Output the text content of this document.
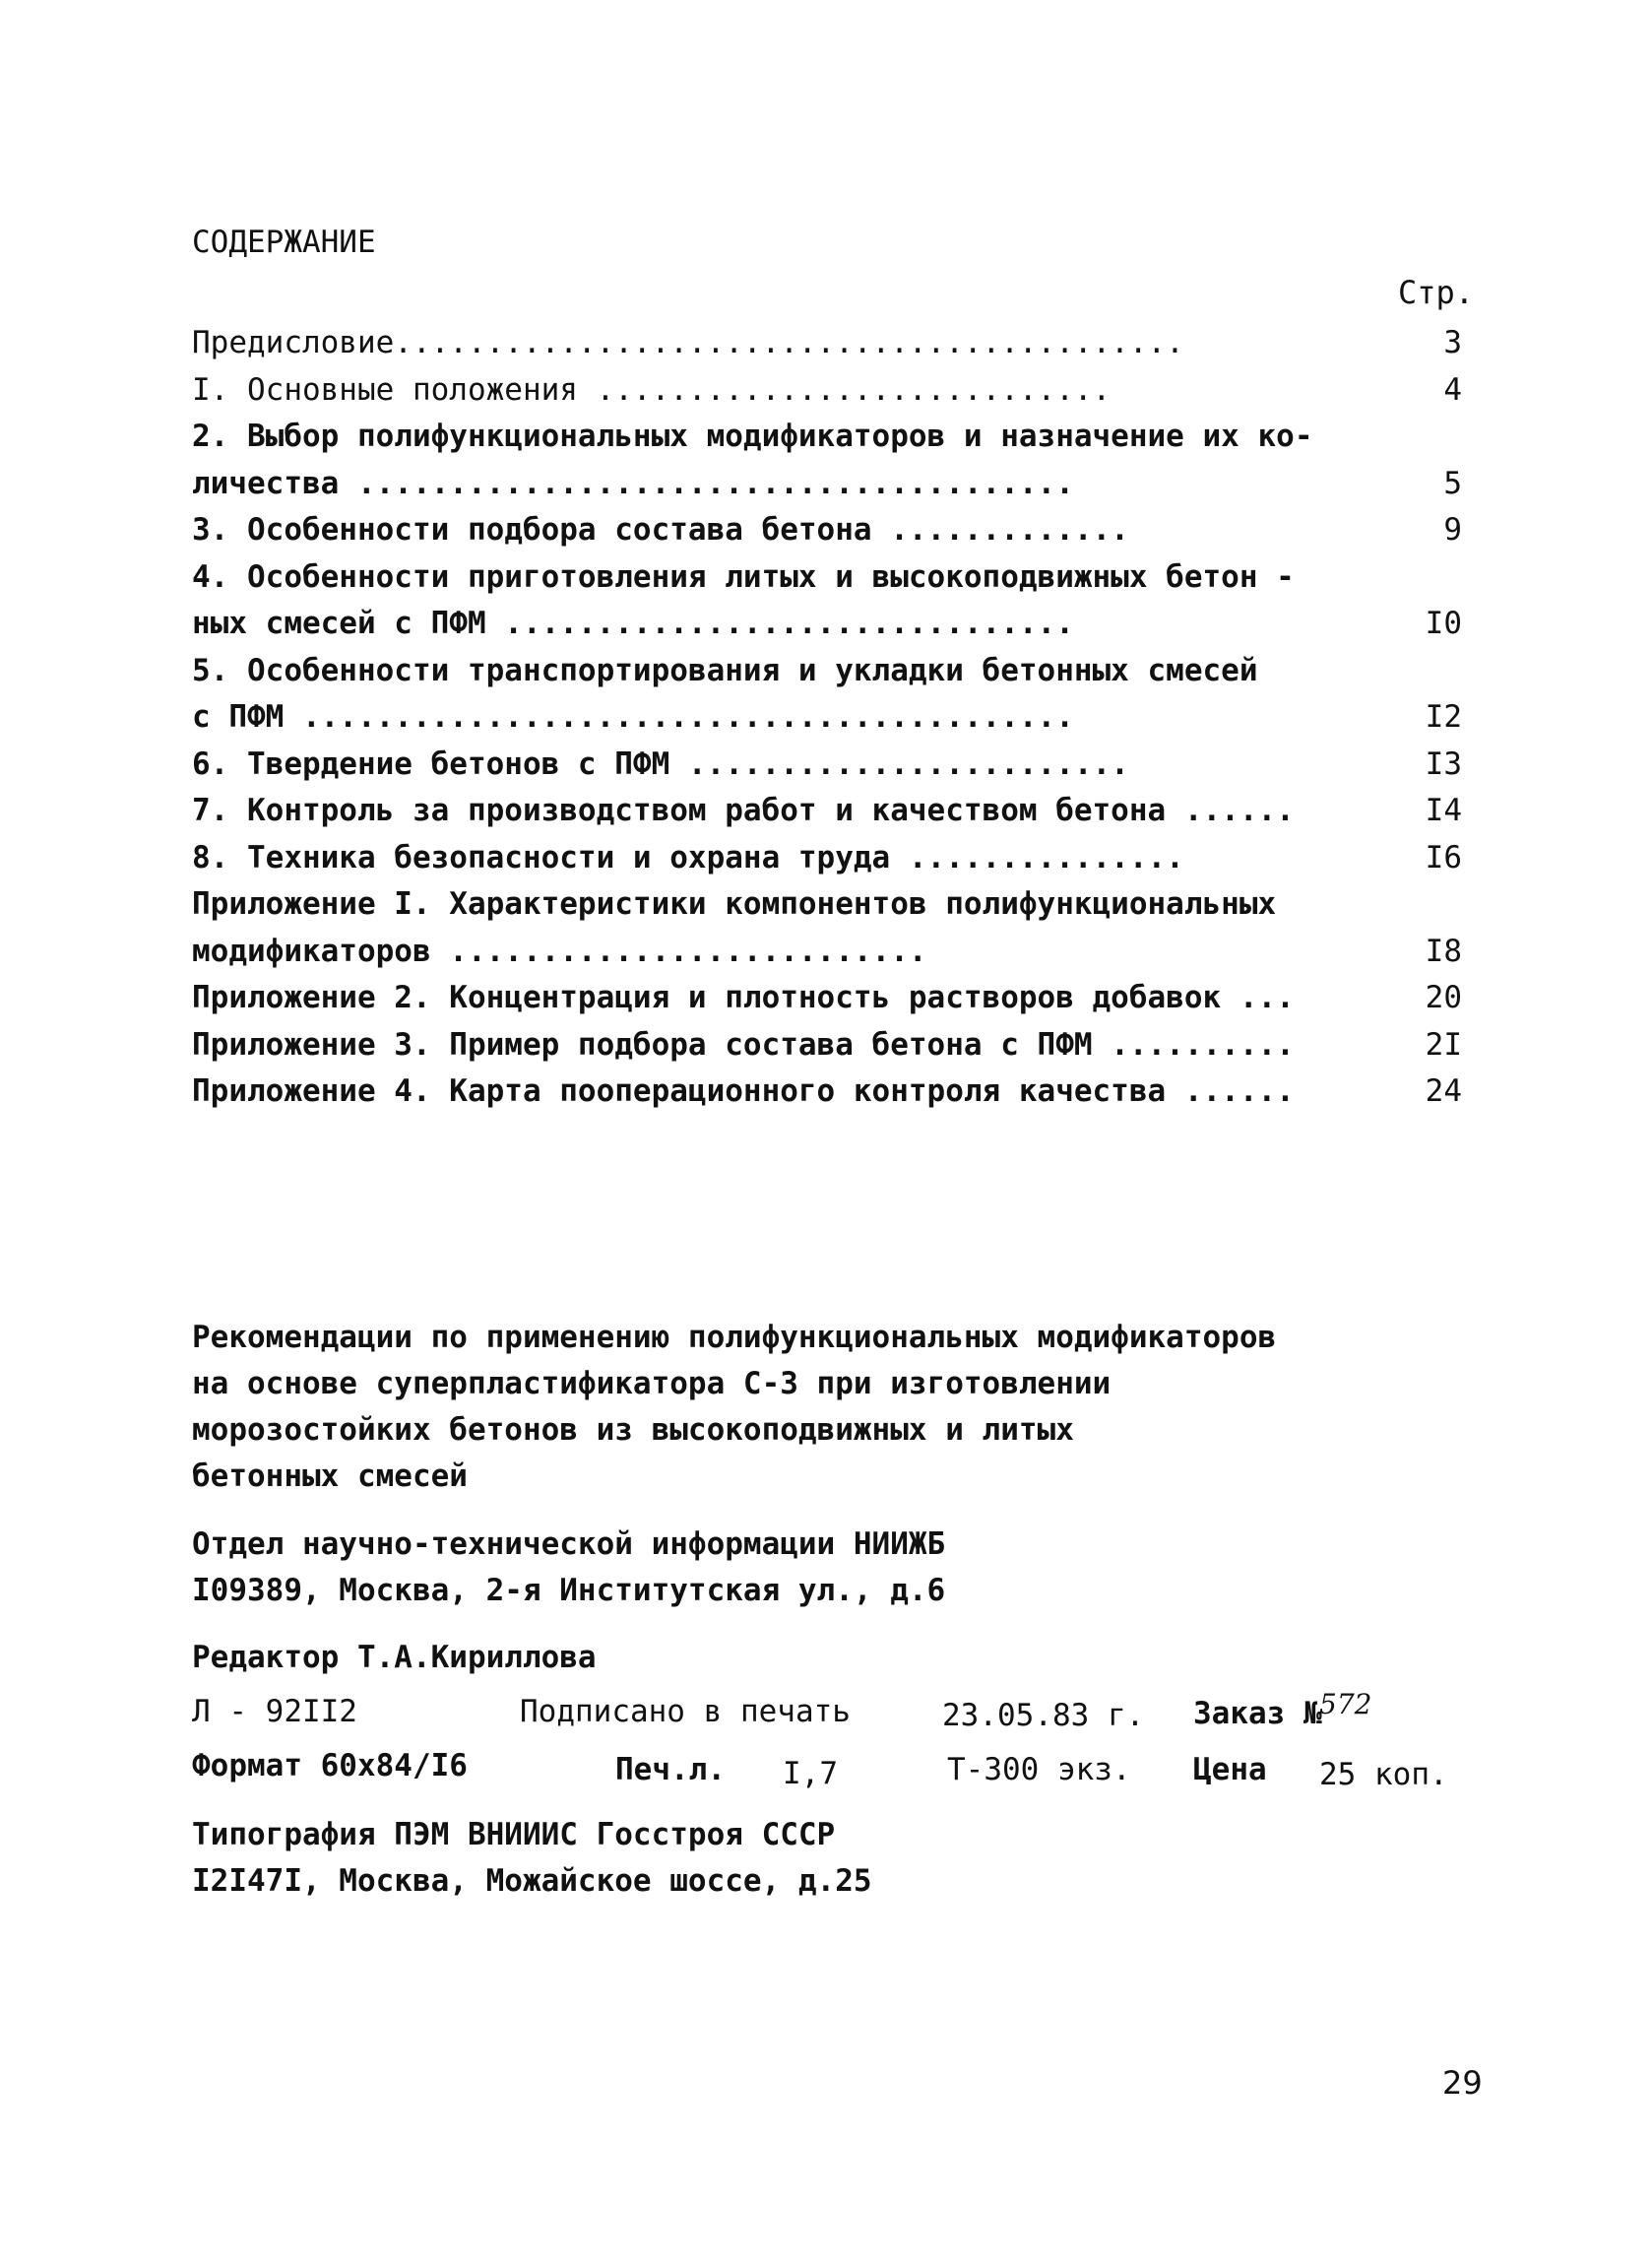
СОДЕРЖАНИЕ
Стр.
Предисловие...........................................	3
I. Основные положения ............................	4
2. Выбор полифункциональных модификаторов и назначение их ко-
личества .......................................	5
3. Особенности подбора состава бетона .............	9
4. Особенности приготовления литых и высокоподвижных бетон -
ных смесей с ПФМ ...............................	I0
5. Особенности транспортирования и укладки бетонных смесей
с ПФМ ..........................................	I2
6. Твердение бетонов с ПФМ ........................	I3
7. Контроль за производством работ и качеством бетона ......	I4
8. Техника безопасности и охрана труда ...............	I6
Приложение I. Характеристики компонентов полифункциональных
модификаторов ..........................	I8
Приложение 2. Концентрация и плотность растворов добавок ...	20
Приложение 3. Пример подбора состава бетона с ПФМ ..........	2I
Приложение 4. Карта пооперационного контроля качества ......	24
Рекомендации по применению полифункциональных модификаторов
на основе суперпластификатора С-3 при изготовлении
морозостойких бетонов из высокоподвижных и литых
бетонных смесей
Отдел научно-технической информации НИИЖБ
I09389, Москва, 2-я Институтская ул., д.6
Редактор Т.А.Кириллова
Л - 92II2	Подписано в печать	23.05.83 г. Заказ №
572
Формат 60х84/I6	Печ.л. I,7	Т-300 экз. Цена 25 коп.
Типография ПЭМ ВНИИИС Госстроя СССР
I2I47I, Москва, Можайское шоссе, д.25
29
